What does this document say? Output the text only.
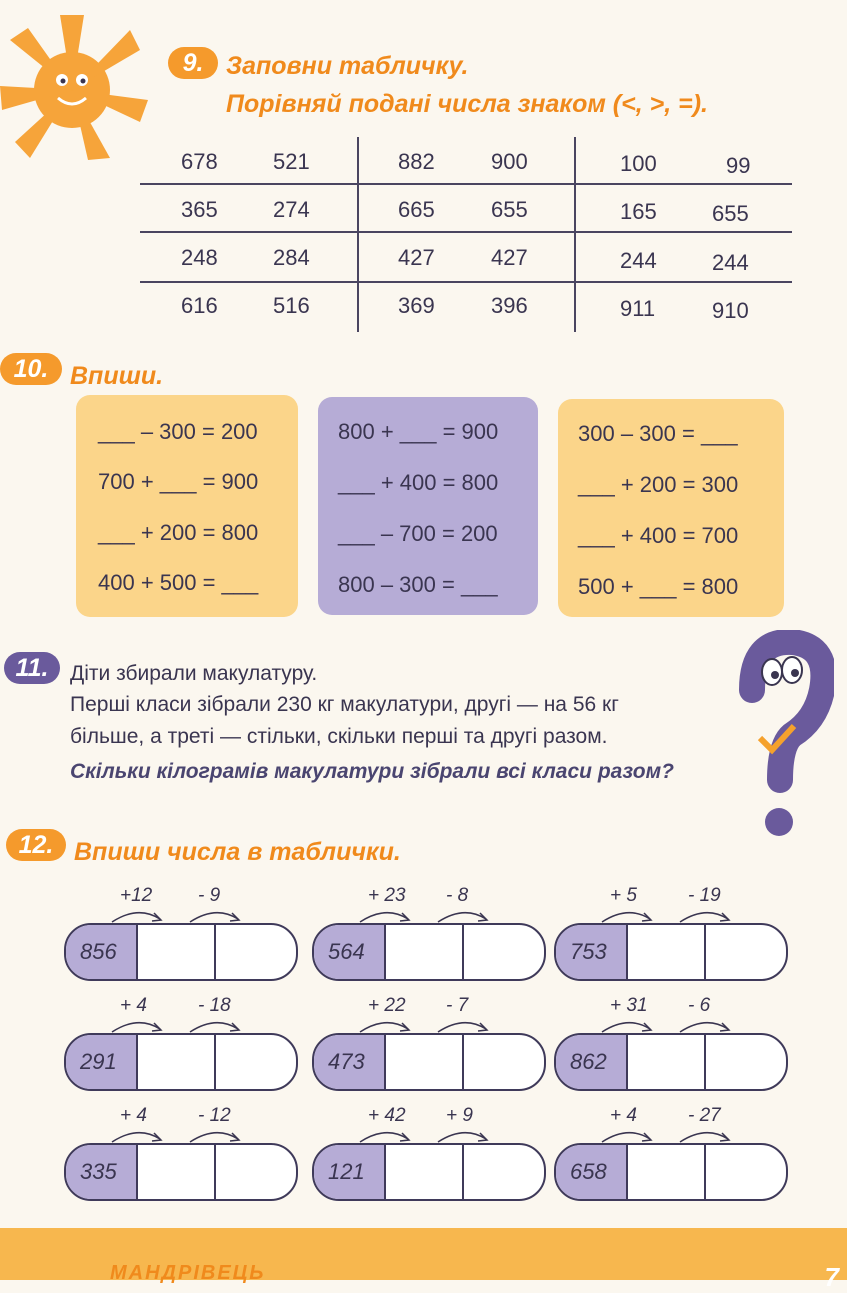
9. Заповни табличку.
Порівняй подані числа знаком (<, >, =).
678	521	882	900	100	99
365	274	665	655	165	655
248	284	427	427	244	244
616	516	369	396	911	910
10. Впиши.
___ – 300 = 200
700 + ___ = 900
___ + 200 = 800
400 + 500 = ___
800 + ___ = 900
___ + 400 = 800
___ – 700 = 200
800 – 300 = ___
300 – 300 = ___
___ + 200 = 300
___ + 400 = 700
500 + ___ = 800
11.	Діти збирали макулатуру.
Перші класи зібрали 230 кг макулатури, другі — на 56 кг
більше, а треті — стільки, скільки перші та другі разом.
Скільки кілограмів макулатури зібрали всі класи разом?
12. Впиши числа в таблички.
+12 - 9
856
+ 23 - 8
564
+ 5	- 19
753
+ 4	- 18
291
+ 22 - 7
473
+ 31 - 6
862
+ 4	- 12
335
+ 42 + 9
121
+ 4	- 27
658
МАНДРІВЕЦЬ	7
